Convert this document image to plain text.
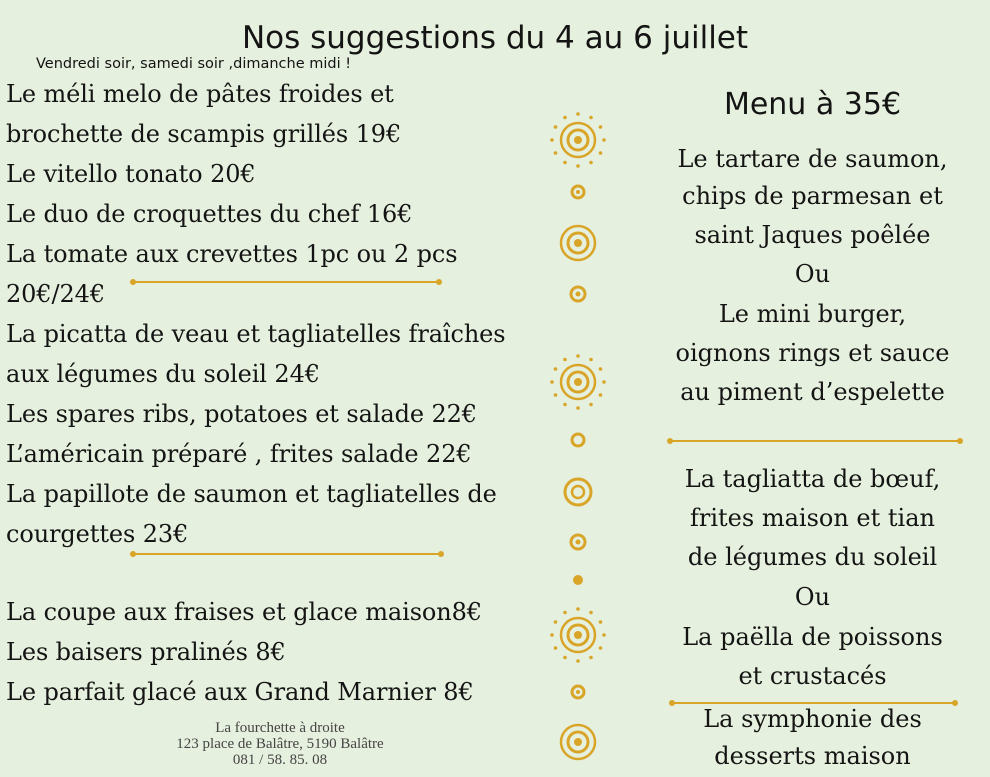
Nos suggestions du 4 au 6 juillet
Vendredi soir, samedi soir ,dimanche midi !
Le méli melo de pâtes froides et
brochette de scampis grillés 19€
Le vitello tonato 20€
Le duo de croquettes du chef 16€
La tomate aux crevettes 1pc ou 2 pcs
20€/24€
La picatta de veau et tagliatelles fraîches
aux légumes du soleil 24€
Les spares ribs, potatoes et salade 22€
L’américain préparé , frites salade 22€
La papillote de saumon et tagliatelles de
courgettes 23€
La coupe aux fraises et glace maison8€
Les baisers pralinés 8€
Le parfait glacé aux Grand Marnier 8€
La fourchette à droite
123 place de Balâtre, 5190 Balâtre
081 / 58. 85. 08
Menu à 35€
Le tartare de saumon,
chips de parmesan et
saint Jaques poêlée
Ou
Le mini burger,
oignons rings et sauce
au piment d’espelette
La tagliatta de bœuf,
frites maison et tian
de légumes du soleil
Ou
La paëlla de poissons
et crustacés
La symphonie des
desserts maison
